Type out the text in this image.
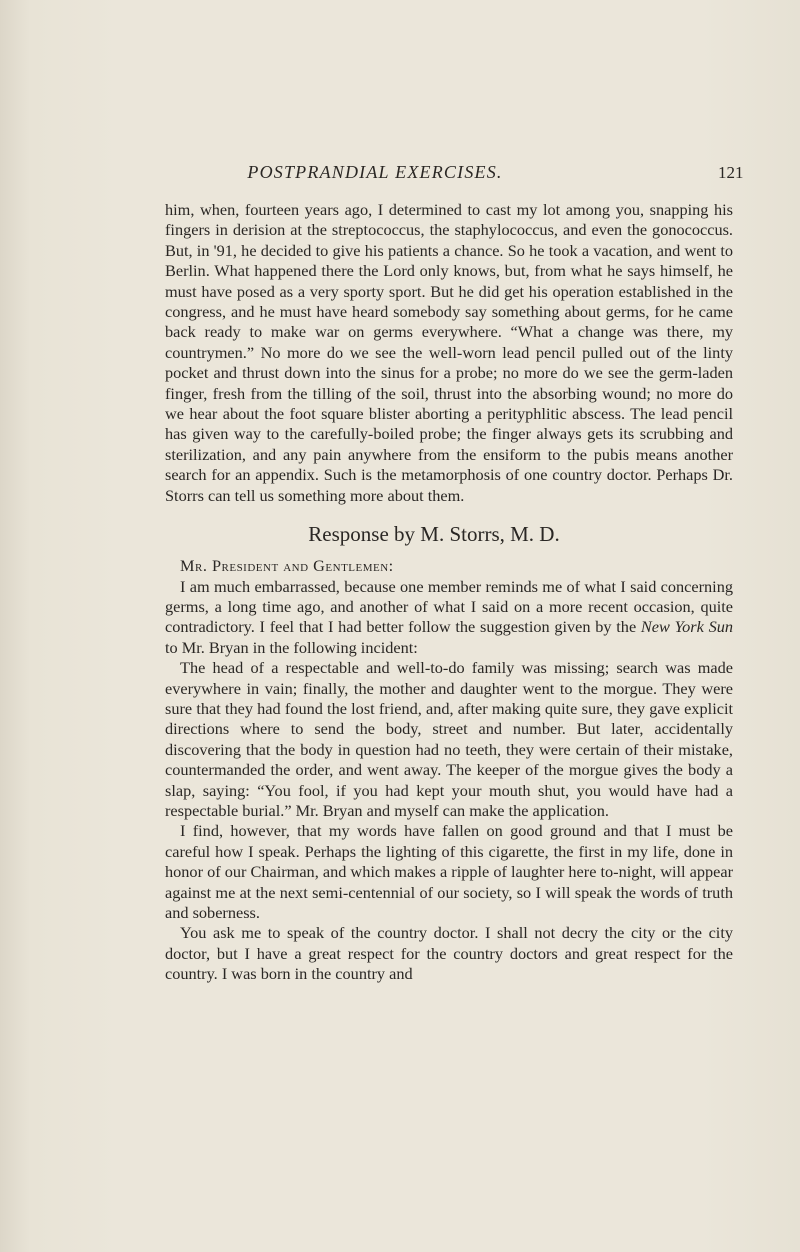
POSTPRANDIAL EXERCISES.	121

him, when, fourteen years ago, I determined to cast my lot among you, snapping his fingers in derision at the streptococcus, the staphylococcus, and even the gonococcus. But, in '91, he decided to give his patients a chance. So he took a vacation, and went to Berlin. What happened there the Lord only knows, but, from what he says himself, he must have posed as a very sporty sport. But he did get his operation established in the congress, and he must have heard somebody say something about germs, for he came back ready to make war on germs everywhere. “What a change was there, my countrymen.” No more do we see the well-worn lead pencil pulled out of the linty pocket and thrust down into the sinus for a probe; no more do we see the germ-laden finger, fresh from the tilling of the soil, thrust into the absorbing wound; no more do we hear about the foot square blister aborting a perityphlitic abscess. The lead pencil has given way to the carefully-boiled probe; the finger always gets its scrubbing and sterilization, and any pain anywhere from the ensiform to the pubis means another search for an appendix. Such is the metamorphosis of one country doctor. Perhaps Dr. Storrs can tell us something more about them.

Response by M. Storrs, M. D.

Mr. President and Gentlemen:

I am much embarrassed, because one member reminds me of what I said concerning germs, a long time ago, and another of what I said on a more recent occasion, quite contradictory. I feel that I had better follow the suggestion given by the New York Sun to Mr. Bryan in the following incident:

The head of a respectable and well-to-do family was missing; search was made everywhere in vain; finally, the mother and daughter went to the morgue. They were sure that they had found the lost friend, and, after making quite sure, they gave explicit directions where to send the body, street and number. But later, accidentally discovering that the body in question had no teeth, they were certain of their mistake, countermanded the order, and went away. The keeper of the morgue gives the body a slap, saying: “You fool, if you had kept your mouth shut, you would have had a respectable burial.” Mr. Bryan and myself can make the application.

I find, however, that my words have fallen on good ground and that I must be careful how I speak. Perhaps the lighting of this cigarette, the first in my life, done in honor of our Chairman, and which makes a ripple of laughter here to-night, will appear against me at the next semi-centennial of our society, so I will speak the words of truth and soberness.

You ask me to speak of the country doctor. I shall not decry the city or the city doctor, but I have a great respect for the country doctors and great respect for the country. I was born in the country and
